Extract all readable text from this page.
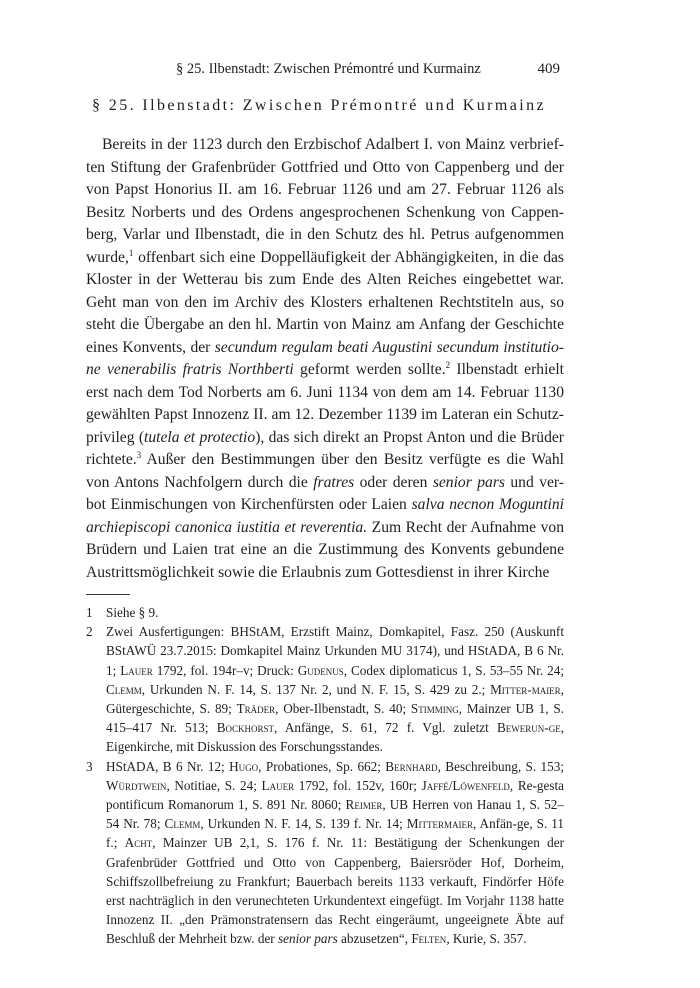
§ 25. Ilbenstadt: Zwischen Prémontré und Kurmainz	409
§ 25. Ilbenstadt: Zwischen Prémontré und Kurmainz

Bereits in der 1123 durch den Erzbischof Adalbert I. von Mainz verbrief-ten Stiftung der Grafenbrüder Gottfried und Otto von Cappenberg und der von Papst Honorius II. am 16. Februar 1126 und am 27. Februar 1126 als Besitz Norberts und des Ordens angesprochenen Schenkung von Cappen-berg, Varlar und Ilbenstadt, die in den Schutz des hl. Petrus aufgenommen wurde,$^1$ offenbart sich eine Doppelläufigkeit der Abhängigkeiten, in die das Kloster in der Wetterau bis zum Ende des Alten Reiches eingebettet war. Geht man von den im Archiv des Klosters erhaltenen Rechtstiteln aus, so steht die Übergabe an den hl. Martin von Mainz am Anfang der Geschichte eines Konvents, der secundum regulam beati Augustini secundum institutio-ne venerabilis fratris Northberti geformt werden sollte.$^2$ Ilbenstadt erhielt erst nach dem Tod Norberts am 6. Juni 1134 von dem am 14. Februar 1130 gewählten Papst Innozenz II. am 12. Dezember 1139 im Lateran ein Schutz-privileg (tutela et protectio), das sich direkt an Propst Anton und die Brüder richtete.$^3$ Außer den Bestimmungen über den Besitz verfügte es die Wahl von Antons Nachfolgern durch die fratres oder deren senior pars und ver-bot Einmischungen von Kirchenfürsten oder Laien salva necnon Moguntini archiepiscopi canonica iustitia et reverentia. Zum Recht der Aufnahme von Brüdern und Laien trat eine an die Zustimmung des Konvents gebundene Austrittsmöglichkeit sowie die Erlaubnis zum Gottesdienst in ihrer Kirche

1 Siehe § 9.

2 Zwei Ausfertigungen: BHStAM, Erzstift Mainz, Domkapitel, Fasz. 250 (Auskunft BStAWÜ 23.7.2015: Domkapitel Mainz Urkunden MU 3174), und HStADA, B 6 Nr. 1; Lauer 1792, fol. 194r–v; Druck: Gudenus, Codex diplomaticus 1, S. 53–55 Nr. 24; Clemm, Urkunden N. F. 14, S. 137 Nr. 2, und N. F. 15, S. 429 zu 2.; Mitter-maier, Gütergeschichte, S. 89; Träder, Ober-Ilbenstadt, S. 40; Stimming, Mainzer UB 1, S. 415–417 Nr. 513; Bockhorst, Anfänge, S. 61, 72 f. Vgl. zuletzt Bewerun-ge, Eigenkirche, mit Diskussion des Forschungsstandes.

3 HStADA, B 6 Nr. 12; Hugo, Probationes, Sp. 662; Bernhard, Beschreibung, S. 153; Würdtwein, Notitiae, S. 24; Lauer 1792, fol. 152v, 160r; Jaffé/Löwenfeld, Re-gesta pontificum Romanorum 1, S. 891 Nr. 8060; Reimer, UB Herren von Hanau 1, S. 52–54 Nr. 78; Clemm, Urkunden N. F. 14, S. 139 f. Nr. 14; Mittermaier, Anfän-ge, S. 11 f.; Acht, Mainzer UB 2,1, S. 176 f. Nr. 11: Bestätigung der Schenkungen der Grafenbrüder Gottfried und Otto von Cappenberg, Baiersröder Hof, Dorheim, Schiffszollbefreiung zu Frankfurt; Bauerbach bereits 1133 verkauft, Findörfer Höfe erst nachträglich in den verunechteten Urkundentext eingefügt. Im Vorjahr 1138 hatte Innozenz II. „den Prämonstratensern das Recht eingeräumt, ungeeignete Äbte auf Beschluß der Mehrheit bzw. der senior pars abzusetzen“, Felten, Kurie, S. 357.
